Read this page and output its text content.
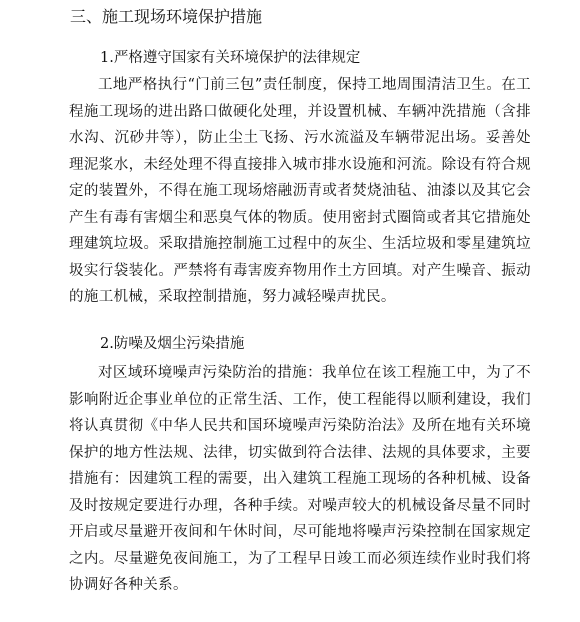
三、施工现场环境保护措施
1.严格遵守国家有关环境保护的法律规定

工地严格执行“门前三包”责任制度，保持工地周围清洁卫生。在工程施工现场的进出路口做硬化处理，并设置机械、车辆冲洗措施（含排水沟、沉砂井等），防止尘土飞扬、污水流溢及车辆带泥出场。妥善处理泥浆水，未经处理不得直接排入城市排水设施和河流。除设有符合规定的装置外，不得在施工现场熔融沥青或者焚烧油毡、油漆以及其它会产生有毒有害烟尘和恶臭气体的物质。使用密封式圈筒或者其它措施处理建筑垃圾。采取措施控制施工过程中的灰尘、生活垃圾和零星建筑垃圾实行袋装化。严禁将有毒害废弃物用作土方回填。对产生噪音、振动的施工机械，采取控制措施，努力减轻噪声扰民。

2.防噪及烟尘污染措施

对区域环境噪声污染防治的措施：我单位在该工程施工中，为了不影响附近企事业单位的正常生活、工作，使工程能得以顺利建设，我们将认真贯彻《中华人民共和国环境噪声污染防治法》及所在地有关环境保护的地方性法规、法律，切实做到符合法律、法规的具体要求，主要措施有：因建筑工程的需要，出入建筑工程施工现场的各种机械、设备及时按规定要进行办理，各种手续。对噪声较大的机械设备尽量不同时开启或尽量避开夜间和午休时间，尽可能地将噪声污染控制在国家规定之内。尽量避免夜间施工，为了工程早日竣工而必须连续作业时我们将协调好各种关系。
